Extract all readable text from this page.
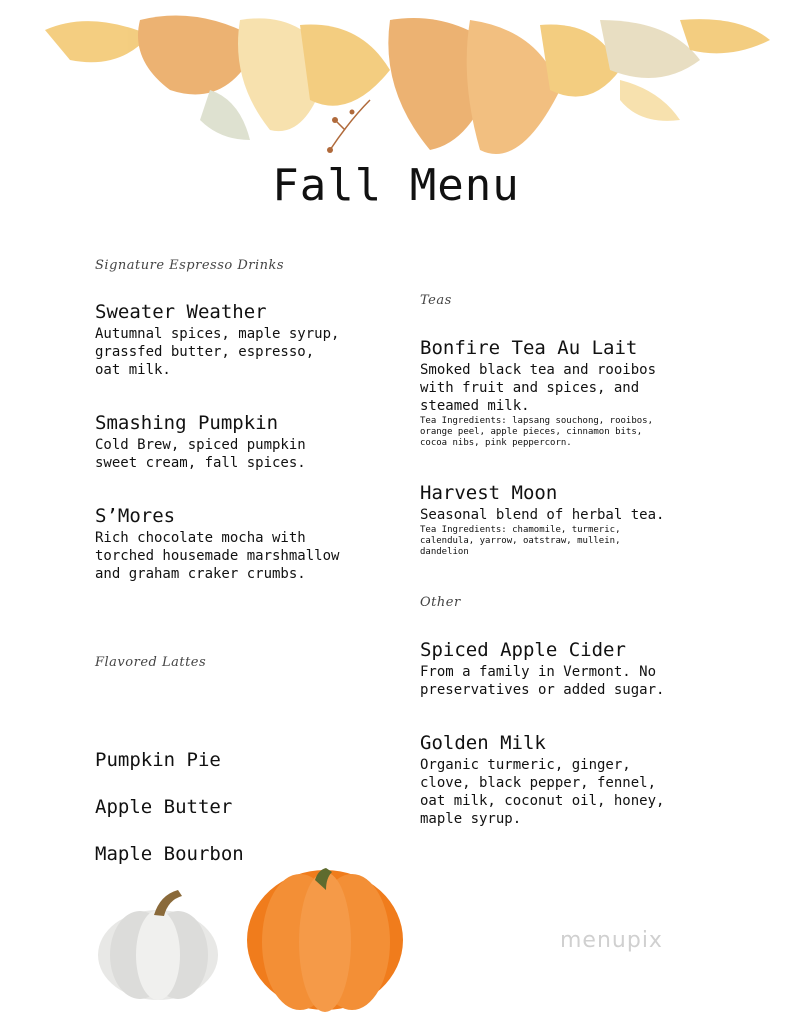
Fall Menu
Signature Espresso Drinks
Sweater Weather
Autumnal spices, maple syrup,
grassfed butter, espresso,
oat milk.
Smashing Pumpkin
Cold Brew, spiced pumpkin
sweet cream, fall spices.
S’Mores
Rich chocolate mocha with
torched housemade marshmallow
and graham craker crumbs.
Flavored Lattes
Pumpkin Pie
Apple Butter
Maple Bourbon
Teas
Bonfire Tea Au Lait
Smoked black tea and rooibos
with fruit and spices, and
steamed milk.
Tea Ingredients: lapsang souchong, rooibos,
orange peel, apple pieces, cinnamon bits,
cocoa nibs, pink peppercorn.
Harvest Moon
Seasonal blend of herbal tea.
Tea Ingredients: chamomile, turmeric,
calendula, yarrow, oatstraw, mullein,
dandelion
Other
Spiced Apple Cider
From a family in Vermont. No
preservatives or added sugar.
Golden Milk
Organic turmeric, ginger,
clove, black pepper, fennel,
oat milk, coconut oil, honey,
maple syrup.
menupix
